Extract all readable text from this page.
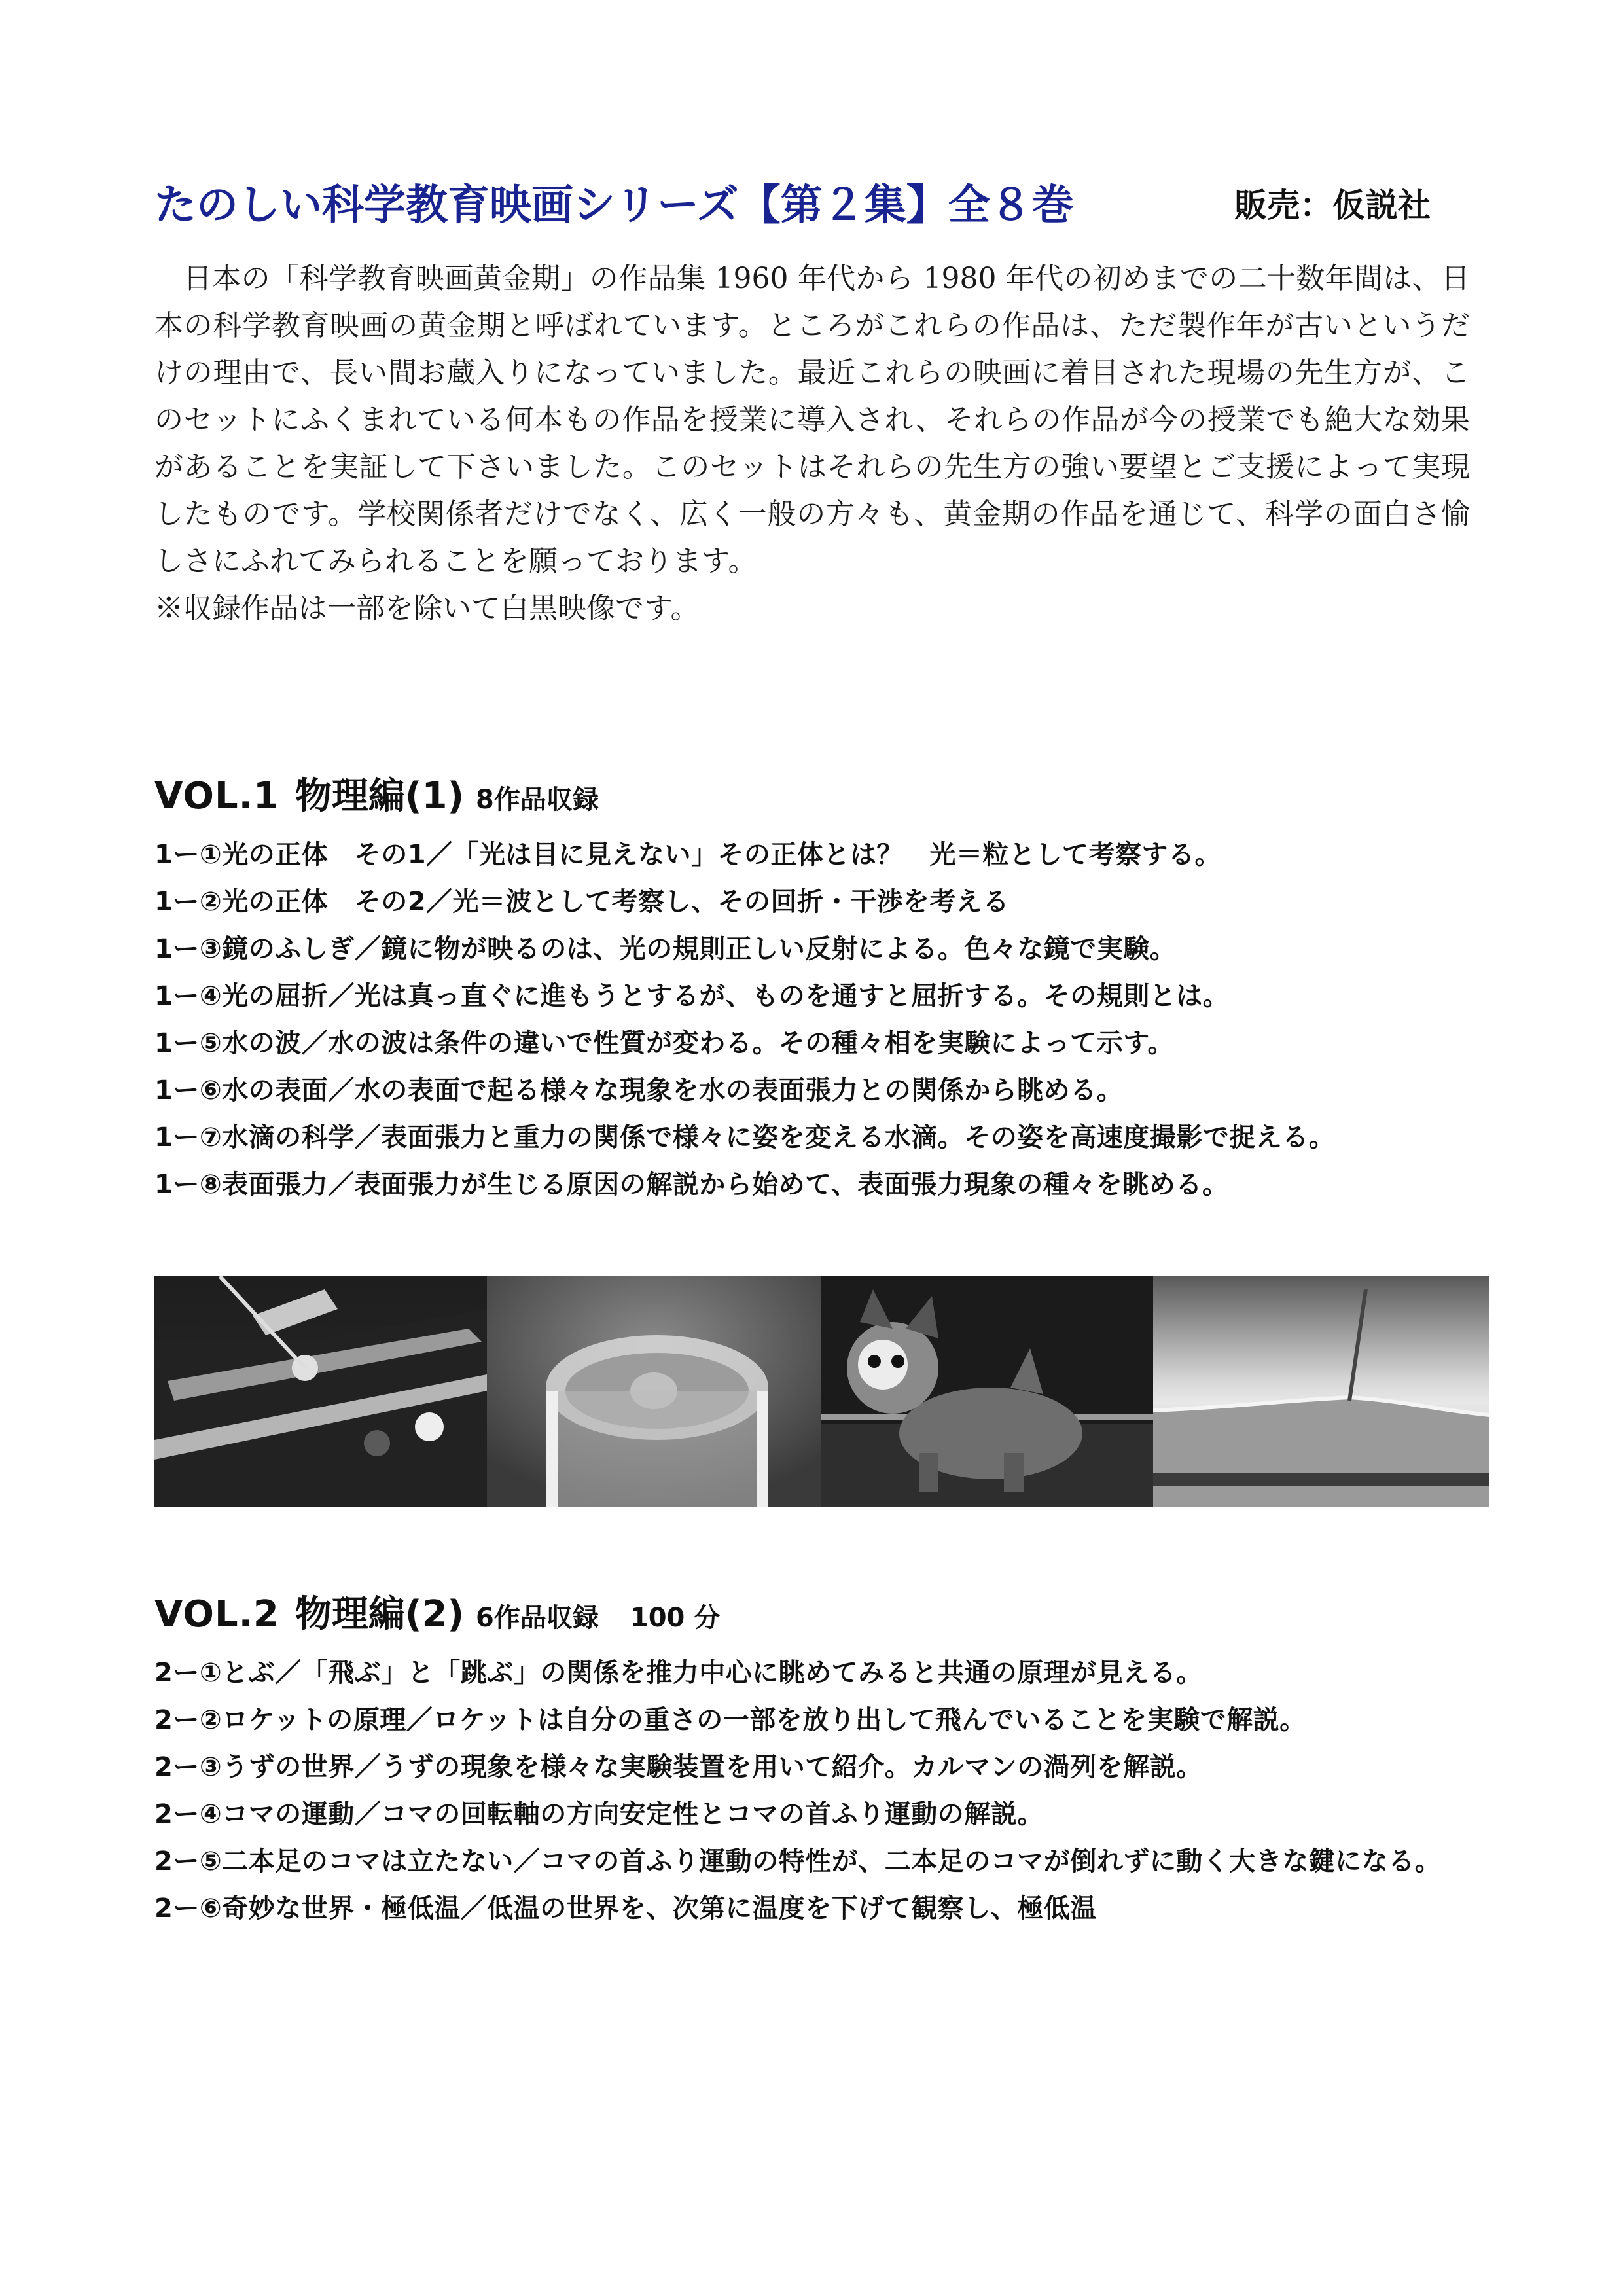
たのしい科学教育映画シリーズ【第２集】全８巻	販売：仮説社

日本の「科学教育映画黄金期」の作品集 1960 年代から 1980 年代の初めまでの二十数年間は、日本の科学教育映画の黄金期と呼ばれています。ところがこれらの作品は、ただ製作年が古いというだけの理由で、長い間お蔵入りになっていました。最近これらの映画に着目された現場の先生方が、このセットにふくまれている何本もの作品を授業に導入され、それらの作品が今の授業でも絶大な効果があることを実証して下さいました。このセットはそれらの先生方の強い要望とご支援によって実現したものです。学校関係者だけでなく、広く一般の方々も、黄金期の作品を通じて、科学の面白さ愉しさにふれてみられることを願っております。

※収録作品は一部を除いて白黒映像です。

VOL.1 物理編(1) 8作品収録
1ー①光の正体　その1／「光は目に見えない」その正体とは？　光＝粒として考察する。
1ー②光の正体　その2／光＝波として考察し、その回折・干渉を考える
1ー③鏡のふしぎ／鏡に物が映るのは、光の規則正しい反射による。色々な鏡で実験。
1ー④光の屈折／光は真っ直ぐに進もうとするが、ものを通すと屈折する。その規則とは。
1ー⑤水の波／水の波は条件の違いで性質が変わる。その種々相を実験によって示す。
1ー⑥水の表面／水の表面で起る様々な現象を水の表面張力との関係から眺める。
1ー⑦水滴の科学／表面張力と重力の関係で様々に姿を変える水滴。その姿を高速度撮影で捉える。
1ー⑧表面張力／表面張力が生じる原因の解説から始めて、表面張力現象の種々を眺める。
VOL.2 物理編(2) 6作品収録 100 分
2ー①とぶ／「飛ぶ」と「跳ぶ」の関係を推力中心に眺めてみると共通の原理が見える。
2ー②ロケットの原理／ロケットは自分の重さの一部を放り出して飛んでいることを実験で解説。
2ー③うずの世界／うずの現象を様々な実験装置を用いて紹介。カルマンの渦列を解説。
2ー④コマの運動／コマの回転軸の方向安定性とコマの首ふり運動の解説。
2ー⑤二本足のコマは立たない／コマの首ふり運動の特性が、二本足のコマが倒れずに動く大きな鍵になる。
2ー⑥奇妙な世界・極低温／低温の世界を、次第に温度を下げて観察し、極低温
